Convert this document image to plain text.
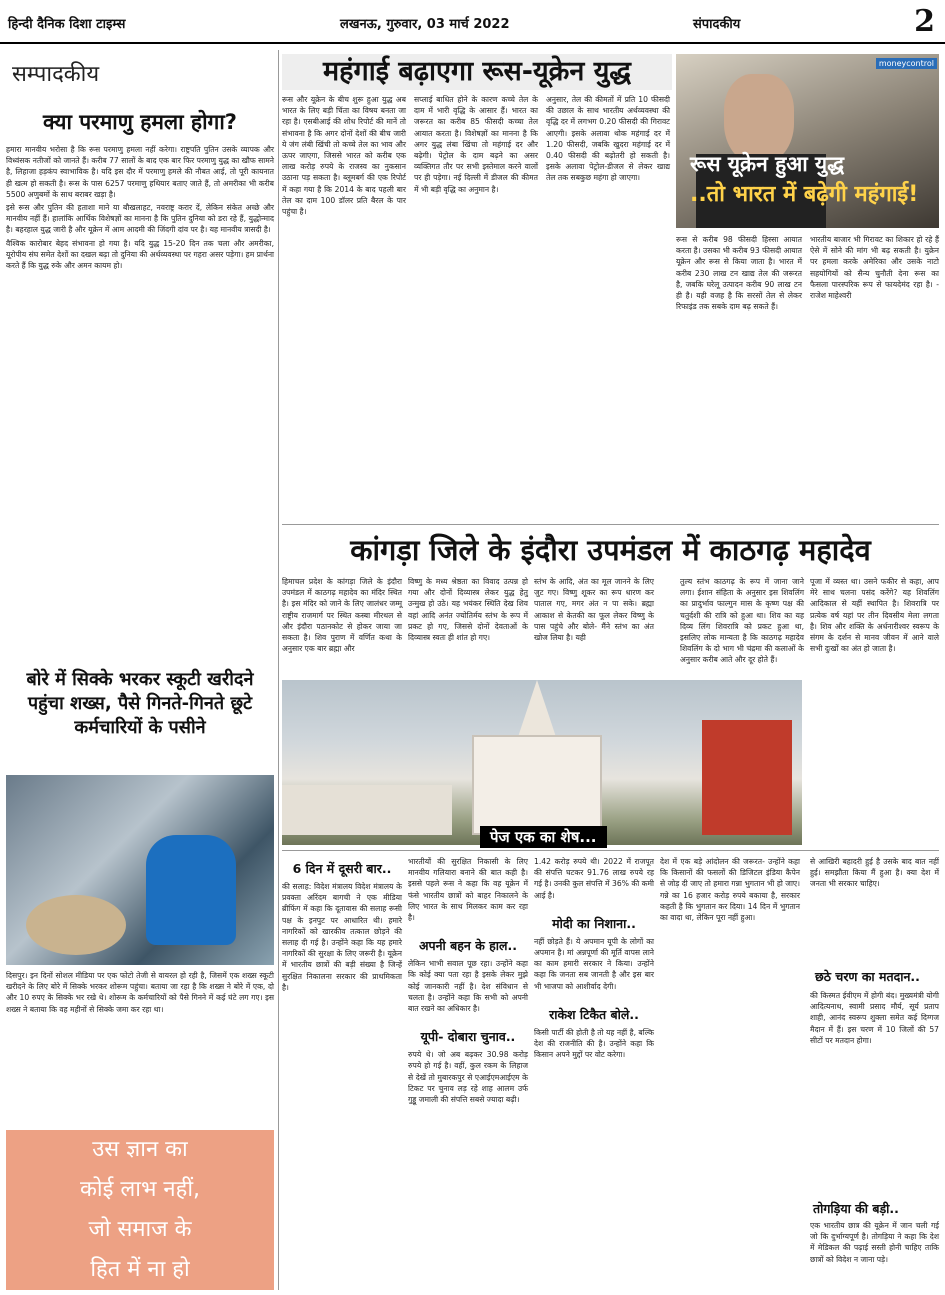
हिन्दी दैनिक दिशा टाइम्स	लखनऊ, गुरुवार, 03 मार्च 2022	संपादकीय	2
सम्पादकीय
क्या परमाणु हमला होगा?

हमारा मानवीय भरोसा है कि रूस परमाणु हमला नहीं करेगा। राष्ट्रपति पुतिन उसके व्यापक और विध्वंसक नतीजों को जानते हैं। करीब 77 सालों के बाद एक बार फिर परमाणु युद्ध का खौफ सामने है, लिहाजा हड़कंप स्वाभाविक है। यदि इस दौर में परमाणु हमले की नौबत आई, तो पूरी कायनात ही खत्म हो सकती है। रूस के पास 6257 परमाणु हथियार बताए जाते हैं, तो अमरीका भी करीब 5500 अणुबमों के साथ बराबर खड़ा है।

इसे रूस और पुतिन की हताशा माने या बौखलाहट, नवराष्ट्र करार दें, लेकिन संकेत अच्छे और मानवीय नहीं हैं। हालांकि आर्थिक विशेषज्ञों का मानना है कि पुतिन दुनिया को डरा रहे हैं, युद्धोन्माद है। बहरहाल युद्ध जारी है और यूक्रेन में आम आदमी की जिंदगी दांव पर है। यह मानवीय त्रासदी है।

वैश्विक कारोबार बेहद संभावना हो गया है। यदि युद्ध 15-20 दिन तक चला और अमरीका, यूरोपीय संघ समेत देशों का दखल बढ़ा तो दुनिया की अर्थव्यवस्था पर गहरा असर पड़ेगा। हम प्रार्थना करते हैं कि युद्ध रुके और अमन कायम हो।

बोरे में सिक्के भरकर स्कूटी खरीदने पहुंचा शख्स, पैसे गिनते-गिनते छूटे कर्मचारियों के पसीने
दिसपुर। इन दिनों सोशल मीडिया पर एक फोटो तेजी से वायरल हो रही है, जिसमें एक शख्स स्कूटी खरीदने के लिए बोरे में सिक्के भरकर शोरूम पहुंचा। बताया जा रहा है कि शख्स ने बोरे में एक, दो और 10 रुपए के सिक्के भर रखे थे। शोरूम के कर्मचारियों को पैसे गिनने में कई घंटे लग गए। इस शख्स ने बताया कि वह महीनों से सिक्के जमा कर रहा था।
उस ज्ञान का
कोई लाभ नहीं,
जो समाज के
हित में ना हो
महंगाई बढ़ाएगा रूस-यूक्रेन युद्ध
रूस और यूक्रेन के बीच शुरू हुआ युद्ध अब भारत के लिए बड़ी चिंता का विषय बनता जा रहा है। एसबीआई की शोध रिपोर्ट की मानें तो संभावना है कि अगर दोनों देशों की बीच जारी ये जंग लंबी खिंची तो कच्चे तेल का भाव और ऊपर जाएगा, जिससे भारत को करीब एक लाख करोड़ रुपये के राजस्व का नुकसान उठाना पड़ सकता है। ब्लूमबर्ग की एक रिपोर्ट में कहा गया है कि 2014 के बाद पहली बार तेल का दाम 100 डॉलर प्रति बैरल के पार पहुंचा है।
सप्लाई बाधित होने के कारण कच्चे तेल के दाम में भारी वृद्धि के आसार हैं। भारत का जरूरत का करीब 85 फीसदी कच्चा तेल आयात करता है। विशेषज्ञों का मानना है कि अगर युद्ध लंबा खिंचा तो महंगाई दर और बढ़ेगी। पेट्रोल के दाम बढ़ने का असर व्यक्तिगत तौर पर सभी इस्तेमाल करने वालों पर ही पड़ेगा। नई दिल्ली में डीजल की कीमत में भी बड़ी वृद्धि का अनुमान है।
अनुसार, तेल की कीमतों में प्रति 10 फीसदी की उछाल के साथ भारतीय अर्थव्यवस्था की वृद्धि दर में लगभग 0.20 फीसदी की गिरावट आएगी। इसके अलावा थोक महंगाई दर में 1.20 फीसदी, जबकि खुदरा महंगाई दर में 0.40 फीसदी की बढ़ोतरी हो सकती है। इसके अलावा पेट्रोल-डीजल से लेकर खाद्य तेल तक सबकुछ महंगा हो जाएगा।
moneycontrol
रूस यूक्रेन हुआ युद्ध
..तो भारत में बढ़ेगी महंगाई!
रूस से करीब 98 फीसदी हिस्सा आयात करता है। उसका भी करीब 93 फीसदी आयात यूक्रेन और रूस से किया जाता है। भारत में करीब 230 लाख टन खाद्य तेल की जरूरत है, जबकि घरेलू उत्पादन करीब 90 लाख टन ही है। यही वजह है कि सरसों तेल से लेकर रिफाइंड तक सबके दाम बढ़ सकते हैं।
भारतीय बाजार भी गिरावट का शिकार हो रहे हैं ऐसे में सोने की मांग भी बढ़ सकती है। युक्रेन पर हमला करके अमेरिका और उसके नाटो सहयोगियों को सैन्य चुनौती देना रूस का फैसला पारस्परिक रूप से फायदेमंद रहा है। - राजेश माहेश्वरी
कांगड़ा जिले के इंदौरा उपमंडल में काठगढ़ महादेव
हिमाचल प्रदेश के कांगड़ा जिले के इंदौरा उपमंडल में काठगढ़ महादेव का मंदिर स्थित है। इस मंदिर को जाने के लिए जालंधर जम्मू राष्ट्रीय राजमार्ग पर स्थित कस्बा मीरथल से और इंदौरा पठानकोट से होकर जाया जा सकता है। शिव पुराण में वर्णित कथा के अनुसार एक बार ब्रह्मा और
विष्णु के मध्य श्रेष्ठता का विवाद उत्पन्न हो गया और दोनों दिव्यास्त्र लेकर युद्ध हेतु उन्मुख हो उठे। यह भयंकर स्थिति देख शिव वहां आदि अनंत ज्योतिर्मय स्तंभ के रूप में प्रकट हो गए, जिससे दोनों देवताओं के दिव्यास्त्र स्वतः ही शांत हो गए।
स्तंभ के आदि, अंत का मूल जानने के लिए जुट गए। विष्णु शूकर का रूप धारण कर पाताल गए, मगर अंत न पा सके। ब्रह्मा आकाश से केतकी का फूल लेकर विष्णु के पास पहुंचे और बोले- मैंने स्तंभ का अंत खोज लिया है। यही
तुल्य स्तंभ काठगढ़ के रूप में जाना जाने लगा। ईशान संहिता के अनुसार इस शिवलिंग का प्रादुर्भाव फाल्गुन मास के कृष्ण पक्ष की चतुर्दशी की रात्रि को हुआ था। शिव का यह दिव्य लिंग शिवरात्रि को प्रकट हुआ था, इसलिए लोक मान्यता है कि काठगढ़ महादेव शिवलिंग के दो भाग भी चंद्रमा की कलाओं के अनुसार करीब आते और दूर होते हैं।
पूजा में व्यस्त था। उसने फकीर से कहा, आप मेरे साथ चलना पसंद करेंगे? यह शिवलिंग आदिकाल से यहीं स्थापित है। शिवरात्रि पर प्रत्येक वर्ष यहां पर तीन दिवसीय मेला लगता है। शिव और शक्ति के अर्धनारीश्वर स्वरूप के संगम के दर्शन से मानव जीवन में आने वाले सभी दुःखों का अंत हो जाता है।
पेज एक का शेष...
6 दिन में दूसरी बार..
की सलाह: विदेश मंत्रालय विदेश मंत्रालय के प्रवक्ता अरिंदम बागची ने एक मीडिया ब्रीफिंग में कहा कि दूतावास की सलाह रूसी पक्ष के इनपुट पर आधारित थी। हमारे नागरिकों को खारकीव तत्काल छोड़ने की सलाह दी गई है। उन्होंने कहा कि यह हमारे नागरिकों की सुरक्षा के लिए जरूरी है। यूक्रेन में भारतीय छात्रों की बड़ी संख्या है जिन्हें सुरक्षित निकालना सरकार की प्राथमिकता है।
भारतीयों की सुरक्षित निकासी के लिए मानवीय गलियारा बनाने की बात कही है। इससे पहले रूस ने कहा कि वह यूक्रेन में फंसे भारतीय छात्रों को बाहर निकालने के लिए भारत के साथ मिलकर काम कर रहा है।
अपनी बहन के हाल..
लेकिन भाभी सवाल पूछ रहा। उन्होंने कहा कि कोई क्या पता रहा है इसके लेकर मुझे कोई जानकारी नहीं है। देश संविधान से चलता है। उन्होंने कहा कि सभी को अपनी बात रखने का अधिकार है।
यूपी- दोबारा चुनाव..
रुपये थे। जो अब बढ़कर 30.98 करोड़ रुपये हो गई है। वहीं, कुल रकम के लिहाज से देखें तो मुबारकपुर से एआईएमआईएम के टिकट पर चुनाव लड़ रहे शाह आलम उर्फ गुड्डू जमाली की संपत्ति सबसे ज्यादा बढ़ी।
1.42 करोड़ रुपये थी। 2022 में राजपूत की संपत्ति घटकर 91.76 लाख रुपये रह गई है। उनकी कुल संपत्ति में 36% की कमी आई है।
मोदी का निशाना..
नहीं छोड़ते हैं। ये अपमान यूपी के लोगों का अपमान है। मां अन्नपूर्णा की मूर्ति वापस लाने का काम हमारी सरकार ने किया। उन्होंने कहा कि जनता सब जानती है और इस बार भी भाजपा को आशीर्वाद देगी।
राकेश टिकैत बोले..
किसी पार्टी की होती है तो यह नहीं है, बल्कि देश की राजनीति की है। उन्होंने कहा कि किसान अपने मुद्दों पर वोट करेगा।
देश में एक बड़े आंदोलन की जरूरत- उन्होंने कहा कि किसानों की फसलों की डिजिटल इंडिया कैपेन से जोड़ दी जाए तो हमारा गन्ना भुगतान भी हो जाए। गन्ने का 16 हजार करोड़ रुपये बकाया है, सरकार कहती है कि भुगतान कर दिया। 14 दिन में भुगतान का वादा था, लेकिन पूरा नहीं हुआ।
से आखिरी बहादरी हुई है उसके बाद बात नहीं हुई। समझौता किया मैं हुआ है। क्या देश में जनता भी सरकार चाहिए।
छठे चरण का मतदान..
की किस्मत ईवीएम में होगी बंद। मुख्यमंत्री योगी आदित्यनाथ, स्वामी प्रसाद मौर्य, सूर्य प्रताप शाही, आनंद स्वरूप शुक्ला समेत कई दिग्गज मैदान में हैं। इस चरण में 10 जिलों की 57 सीटों पर मतदान होगा।
तोगड़िया की बड़ी..
एक भारतीय छात्र की यूक्रेन में जान चली गई जो कि दुर्भाग्यपूर्ण है। तोगड़िया ने कहा कि देश में मेडिकल की पढ़ाई सस्ती होनी चाहिए ताकि छात्रों को विदेश न जाना पड़े।
